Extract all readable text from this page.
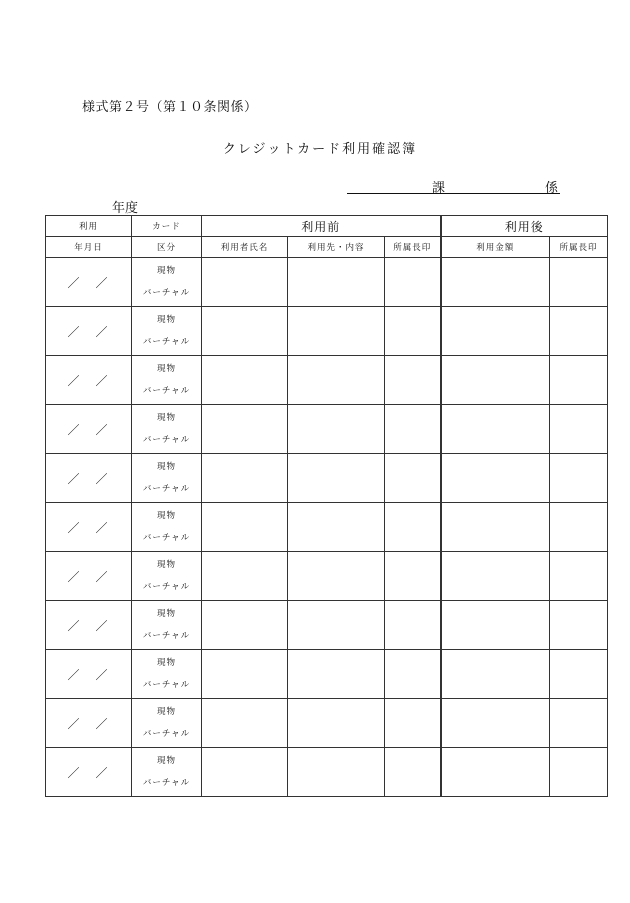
様式第２号（第１０条関係）
クレジットカード利用確認簿
課	係
年度
利用	カード	利用前			利用後	
年月日	区分	利用者氏名	利用先・内容	所属長印	利用金額	所属長印
／　／	現物
バーチャル					

／　／	現物
バーチャル					

／　／	現物
バーチャル					

／　／	現物
バーチャル					

／　／	現物
バーチャル					

／　／	現物
バーチャル					

／　／	現物
バーチャル					

／　／	現物
バーチャル					

／　／	現物
バーチャル					

／　／	現物
バーチャル					

／　／	現物
バーチャル					
